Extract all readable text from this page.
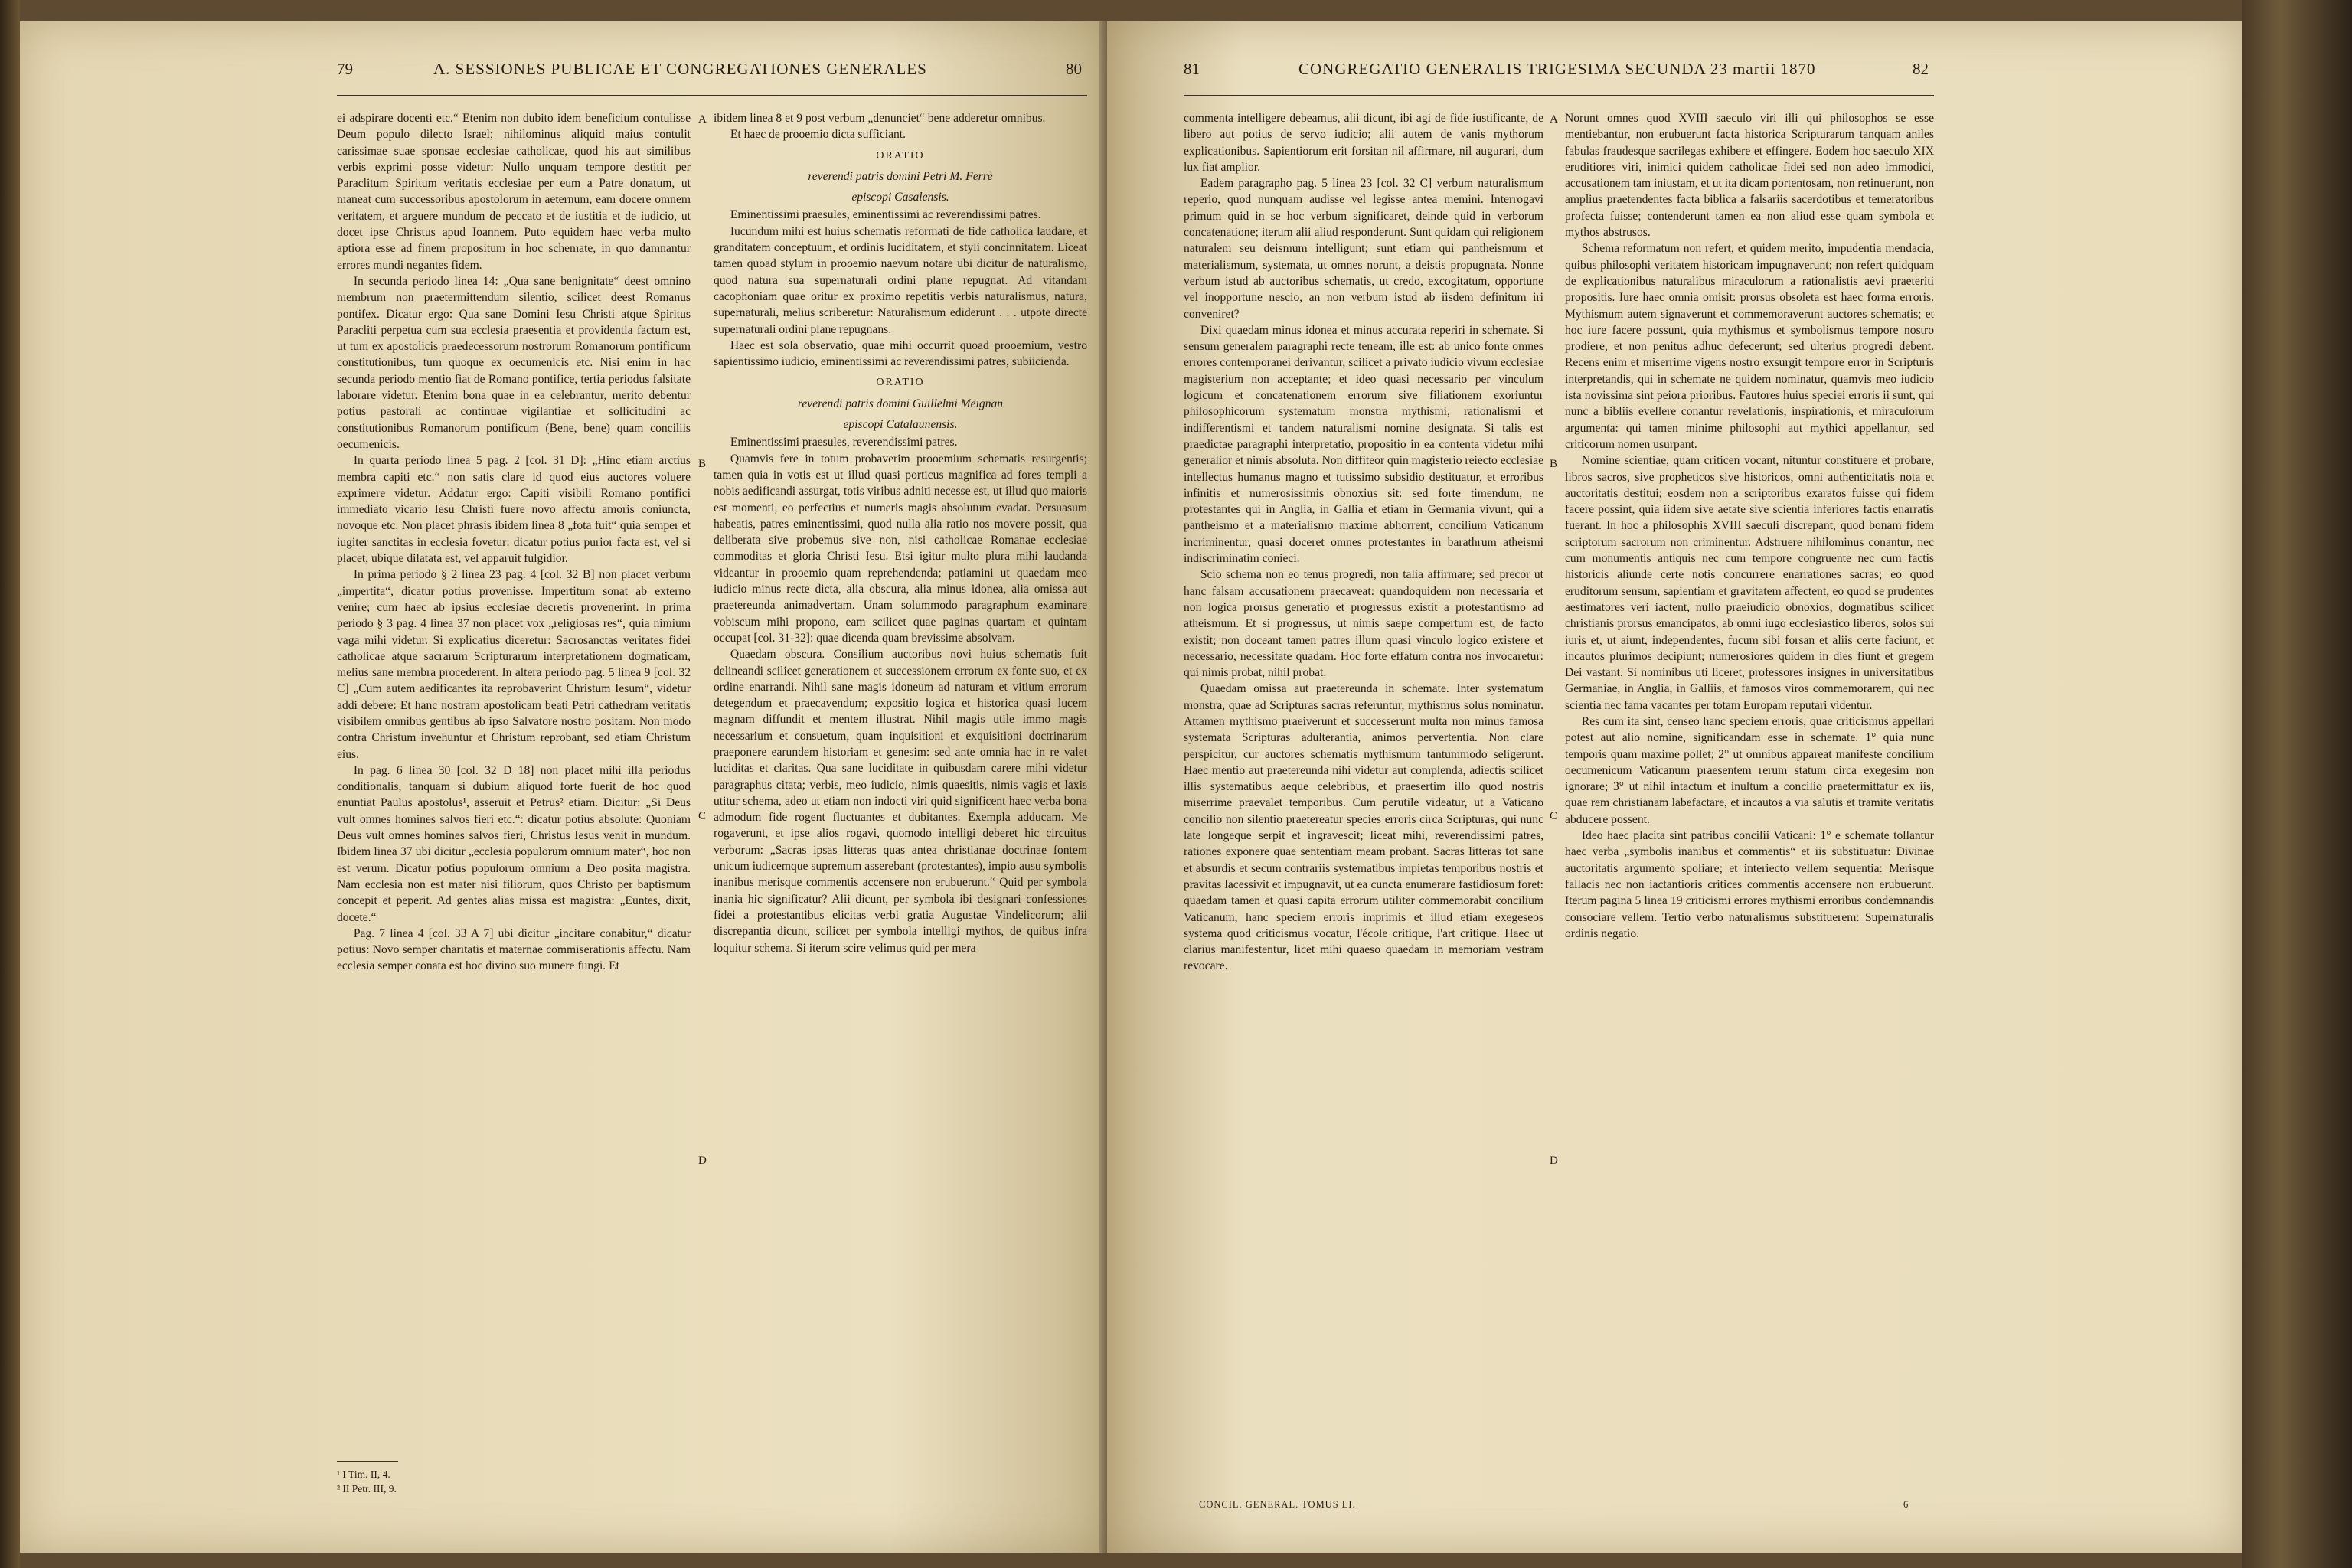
79	A. SESSIONES PUBLICAE ET CONGREGATIONES GENERALES	80

ei adspirare docenti etc.“ Etenim non dubito idem beneficium contulisse Deum populo dilecto Israel; nihilominus aliquid maius contulit carissimae suae sponsae ecclesiae catholicae, quod his aut similibus verbis exprimi posse videtur: Nullo unquam tempore destitit per Paraclitum Spiritum veritatis ecclesiae per eum a Patre donatum, ut maneat cum successoribus apostolorum in aeternum, eam docere omnem veritatem, et arguere mundum de peccato et de iustitia et de iudicio, ut docet ipse Christus apud Ioannem. Puto equidem haec verba multo aptiora esse ad finem propositum in hoc schemate, in quo damnantur errores mundi negantes fidem.

In secunda periodo linea 14: „Qua sane benignitate“ deest omnino membrum non praetermittendum silentio, scilicet deest Romanus pontifex. Dicatur ergo: Qua sane Domini Iesu Christi atque Spiritus Paracliti perpetua cum sua ecclesia praesentia et providentia factum est, ut tum ex apostolicis praedecessorum nostrorum Romanorum pontificum constitutionibus, tum quoque ex oecumenicis etc. Nisi enim in hac secunda periodo mentio fiat de Romano pontifice, tertia periodus falsitate laborare videtur. Etenim bona quae in ea celebrantur, merito debentur potius pastorali ac continuae vigilantiae et sollicitudini ac constitutionibus Romanorum pontificum (Bene, bene) quam conciliis oecumenicis.

In quarta periodo linea 5 pag. 2 [col. 31 D]: „Hinc etiam arctius membra capiti etc.“ non satis clare id quod eius auctores voluere exprimere videtur. Addatur ergo: Capiti visibili Romano pontifici immediato vicario Iesu Christi fuere novo affectu amoris coniuncta, novoque etc. Non placet phrasis ibidem linea 8 „fota fuit“ quia semper et iugiter sanctitas in ecclesia fovetur: dicatur potius purior facta est, vel si placet, ubique dilatata est, vel apparuit fulgidior.

In prima periodo § 2 linea 23 pag. 4 [col. 32 B] non placet verbum „impertita“, dicatur potius provenisse. Impertitum sonat ab externo venire; cum haec ab ipsius ecclesiae decretis provenerint. In prima periodo § 3 pag. 4 linea 37 non placet vox „religiosas res“, quia nimium vaga mihi videtur. Si explicatius diceretur: Sacrosanctas veritates fidei catholicae atque sacrarum Scripturarum interpretationem dogmaticam, melius sane membra procederent. In altera periodo pag. 5 linea 9 [col. 32 C] „Cum autem aedificantes ita reprobaverint Christum Iesum“, videtur addi debere: Et hanc nostram apostolicam beati Petri cathedram veritatis visibilem omnibus gentibus ab ipso Salvatore nostro positam. Non modo contra Christum invehuntur et Christum reprobant, sed etiam Christum eius.

In pag. 6 linea 30 [col. 32 D 18] non placet mihi illa periodus conditionalis, tanquam si dubium aliquod forte fuerit de hoc quod enuntiat Paulus apostolus¹, asseruit et Petrus² etiam. Dicitur: „Si Deus vult omnes homines salvos fieri etc.“: dicatur potius absolute: Quoniam Deus vult omnes homines salvos fieri, Christus Iesus venit in mundum. Ibidem linea 37 ubi dicitur „ecclesia populorum omnium mater“, hoc non est verum. Dicatur potius populorum omnium a Deo posita magistra. Nam ecclesia non est mater nisi filiorum, quos Christo per baptismum concepit et peperit. Ad gentes alias missa est magistra: „Euntes, dixit, docete.“

Pag. 7 linea 4 [col. 33 A 7] ubi dicitur „incitare conabitur,“ dicatur potius: Novo semper charitatis et maternae commiserationis affectu. Nam ecclesia semper conata est hoc divino suo munere fungi. Et

¹ I Tim. II, 4.
² II Petr. III, 9.
A
B
C
D

ibidem linea 8 et 9 post verbum „denunciet“ bene adderetur omnibus.

Et haec de prooemio dicta sufficiant.

ORATIO

reverendi patris domini Petri M. Ferrè

episcopi Casalensis.

Eminentissimi praesules, eminentissimi ac reverendissimi patres.

Iucundum mihi est huius schematis reformati de fide catholica laudare, et granditatem conceptuum, et ordinis luciditatem, et styli concinnitatem. Liceat tamen quoad stylum in prooemio naevum notare ubi dicitur de naturalismo, quod natura sua supernaturali ordini plane repugnat. Ad vitandam cacophoniam quae oritur ex proximo repetitis verbis naturalismus, natura, supernaturali, melius scriberetur: Naturalismum ediderunt . . . utpote directe supernaturali ordini plane repugnans.

Haec est sola observatio, quae mihi occurrit quoad prooemium, vestro sapientissimo iudicio, eminentissimi ac reverendissimi patres, subiicienda.

ORATIO

reverendi patris domini Guillelmi Meignan

episcopi Catalaunensis.

Eminentissimi praesules, reverendissimi patres.

Quamvis fere in totum probaverim prooemium schematis resurgentis; tamen quia in votis est ut illud quasi porticus magnifica ad fores templi a nobis aedificandi assurgat, totis viribus adniti necesse est, ut illud quo maioris est momenti, eo perfectius et numeris magis absolutum evadat. Persuasum habeatis, patres eminentissimi, quod nulla alia ratio nos movere possit, qua deliberata sive probemus sive non, nisi catholicae Romanae ecclesiae commoditas et gloria Christi Iesu. Etsi igitur multo plura mihi laudanda videantur in prooemio quam reprehendenda; patiamini ut quaedam meo iudicio minus recte dicta, alia obscura, alia minus idonea, alia omissa aut praetereunda animadvertam. Unam solummodo paragraphum examinare vobiscum mihi propono, eam scilicet quae paginas quartam et quintam occupat [col. 31-32]: quae dicenda quam brevissime absolvam.

Quaedam obscura. Consilium auctoribus novi huius schematis fuit delineandi scilicet generationem et successionem errorum ex fonte suo, et ex ordine enarrandi. Nihil sane magis idoneum ad naturam et vitium errorum detegendum et praecavendum; expositio logica et historica quasi lucem magnam diffundit et mentem illustrat. Nihil magis utile immo magis necessarium et consuetum, quam inquisitioni et exquisitioni doctrinarum praeponere earundem historiam et genesim: sed ante omnia hac in re valet luciditas et claritas. Qua sane luciditate in quibusdam carere mihi videtur paragraphus citata; verbis, meo iudicio, nimis quaesitis, nimis vagis et laxis utitur schema, adeo ut etiam non indocti viri quid significent haec verba bona admodum fide rogent fluctuantes et dubitantes. Exempla adducam. Me rogaverunt, et ipse alios rogavi, quomodo intelligi deberet hic circuitus verborum: „Sacras ipsas litteras quas antea christianae doctrinae fontem unicum iudicemque supremum asserebant (protestantes), impio ausu symbolis inanibus merisque commentis accensere non erubuerunt.“ Quid per symbola inania hic significatur? Alii dicunt, per symbola ibi designari confessiones fidei a protestantibus elicitas verbi gratia Augustae Vindelicorum; alii discrepantia dicunt, scilicet per symbola intelligi mythos, de quibus infra loquitur schema. Si iterum scire velimus quid per mera

81	CONGREGATIO GENERALIS TRIGESIMA SECUNDA 23 martii 1870	82

commenta intelligere debeamus, alii dicunt, ibi agi de fide iustificante, de libero aut potius de servo iudicio; alii autem de vanis mythorum explicationibus. Sapientiorum erit forsitan nil affirmare, nil augurari, dum lux fiat amplior.

Eadem paragrapho pag. 5 linea 23 [col. 32 C] verbum naturalismum reperio, quod nunquam audisse vel legisse antea memini. Interrogavi primum quid in se hoc verbum significaret, deinde quid in verborum concatenatione; iterum alii aliud responderunt. Sunt quidam qui religionem naturalem seu deismum intelligunt; sunt etiam qui pantheismum et materialismum, systemata, ut omnes norunt, a deistis propugnata. Nonne verbum istud ab auctoribus schematis, ut credo, excogitatum, opportune vel inopportune nescio, an non verbum istud ab iisdem definitum iri conveniret?

Dixi quaedam minus idonea et minus accurata reperiri in schemate. Si sensum generalem paragraphi recte teneam, ille est: ab unico fonte omnes errores contemporanei derivantur, scilicet a privato iudicio vivum ecclesiae magisterium non acceptante; et ideo quasi necessario per vinculum logicum et concatenationem errorum sive filiationem exoriuntur philosophicorum systematum monstra mythismi, rationalismi et indifferentismi et tandem naturalismi nomine designata. Si talis est praedictae paragraphi interpretatio, propositio in ea contenta videtur mihi generalior et nimis absoluta. Non diffiteor quin magisterio reiecto ecclesiae intellectus humanus magno et tutissimo subsidio destituatur, et erroribus infinitis et numerosissimis obnoxius sit: sed forte timendum, ne protestantes qui in Anglia, in Gallia et etiam in Germania vivunt, qui a pantheismo et a materialismo maxime abhorrent, concilium Vaticanum incriminentur, quasi doceret omnes protestantes in barathrum atheismi indiscriminatim conieci.

Scio schema non eo tenus progredi, non talia affirmare; sed precor ut hanc falsam accusationem praecaveat: quandoquidem non necessaria et non logica prorsus generatio et progressus existit a protestantismo ad atheismum. Et si progressus, ut nimis saepe compertum est, de facto existit; non doceant tamen patres illum quasi vinculo logico existere et necessario, necessitate quadam. Hoc forte effatum contra nos invocaretur: qui nimis probat, nihil probat.

Quaedam omissa aut praetereunda in schemate. Inter systematum monstra, quae ad Scripturas sacras referuntur, mythismus solus nominatur. Attamen mythismo praeiverunt et successerunt multa non minus famosa systemata Scripturas adulterantia, animos pervertentia. Non clare perspicitur, cur auctores schematis mythismum tantummodo seligerunt. Haec mentio aut praetereunda nihi videtur aut complenda, adiectis scilicet illis systematibus aeque celebribus, et praesertim illo quod nostris miserrime praevalet temporibus. Cum perutile videatur, ut a Vaticano concilio non silentio praetereatur species erroris circa Scripturas, qui nunc late longeque serpit et ingravescit; liceat mihi, reverendissimi patres, rationes exponere quae sententiam meam probant. Sacras litteras tot sane et absurdis et secum contrariis systematibus impietas temporibus nostris et pravitas lacessivit et impugnavit, ut ea cuncta enumerare fastidiosum foret: quaedam tamen et quasi capita errorum utiliter commemorabit concilium Vaticanum, hanc speciem erroris imprimis et illud etiam exegeseos systema quod criticismus vocatur, l'école critique, l'art critique. Haec ut clarius manifestentur, licet mihi quaeso quaedam in memoriam vestram revocare.

A
B
C
D

Norunt omnes quod XVIII saeculo viri illi qui philosophos se esse mentiebantur, non erubuerunt facta historica Scripturarum tanquam aniles fabulas fraudesque sacrilegas exhibere et effingere. Eodem hoc saeculo XIX eruditiores viri, inimici quidem catholicae fidei sed non adeo immodici, accusationem tam iniustam, et ut ita dicam portentosam, non retinuerunt, non amplius praetendentes facta biblica a falsariis sacerdotibus et temeratoribus profecta fuisse; contenderunt tamen ea non aliud esse quam symbola et mythos abstrusos.

Schema reformatum non refert, et quidem merito, impudentia mendacia, quibus philosophi veritatem historicam impugnaverunt; non refert quidquam de explicationibus naturalibus miraculorum a rationalistis aevi praeteriti propositis. Iure haec omnia omisit: prorsus obsoleta est haec forma erroris. Mythismum autem signaverunt et commemoraverunt auctores schematis; et hoc iure facere possunt, quia mythismus et symbolismus tempore nostro prodiere, et non penitus adhuc defecerunt; sed ulterius progredi debent. Recens enim et miserrime vigens nostro exsurgit tempore error in Scripturis interpretandis, qui in schemate ne quidem nominatur, quamvis meo iudicio ista novissima sint peiora prioribus. Fautores huius speciei erroris ii sunt, qui nunc a bibliis evellere conantur revelationis, inspirationis, et miraculorum argumenta: qui tamen minime philosophi aut mythici appellantur, sed criticorum nomen usurpant.

Nomine scientiae, quam criticen vocant, nituntur constituere et probare, libros sacros, sive propheticos sive historicos, omni authenticitatis nota et auctoritatis destitui; eosdem non a scriptoribus exaratos fuisse qui fidem facere possint, quia iidem sive aetate sive scientia inferiores factis enarratis fuerant. In hoc a philosophis XVIII saeculi discrepant, quod bonam fidem scriptorum sacrorum non criminentur. Adstruere nihilominus conantur, nec cum monumentis antiquis nec cum tempore congruente nec cum factis historicis aliunde certe notis concurrere enarrationes sacras; eo quod eruditorum sensum, sapientiam et gravitatem affectent, eo quod se prudentes aestimatores veri iactent, nullo praeiudicio obnoxios, dogmatibus scilicet christianis prorsus emancipatos, ab omni iugo ecclesiastico liberos, solos sui iuris et, ut aiunt, independentes, fucum sibi forsan et aliis certe faciunt, et incautos plurimos decipiunt; numerosiores quidem in dies fiunt et gregem Dei vastant. Si nominibus uti liceret, professores insignes in universitatibus Germaniae, in Anglia, in Galliis, et famosos viros commemorarem, qui nec scientia nec fama vacantes per totam Europam reputari videntur.

Res cum ita sint, censeo hanc speciem erroris, quae criticismus appellari potest aut alio nomine, significandam esse in schemate. 1° quia nunc temporis quam maxime pollet; 2° ut omnibus appareat manifeste concilium oecumenicum Vaticanum praesentem rerum statum circa exegesim non ignorare; 3° ut nihil intactum et inultum a concilio praetermittatur ex iis, quae rem christianam labefactare, et incautos a via salutis et tramite veritatis abducere possent.

Ideo haec placita sint patribus concilii Vaticani: 1° e schemate tollantur haec verba „symbolis inanibus et commentis“ et iis substituatur: Divinae auctoritatis argumento spoliare; et interiecto vellem sequentia: Merisque fallacis nec non iactantioris critices commentis accensere non erubuerunt. Iterum pagina 5 linea 19 criticismi errores mythismi erroribus condemnandis consociare vellem. Tertio verbo naturalismus substituerem: Supernaturalis ordinis negatio.

CONCIL. GENERAL. TOMUS LI.	6
